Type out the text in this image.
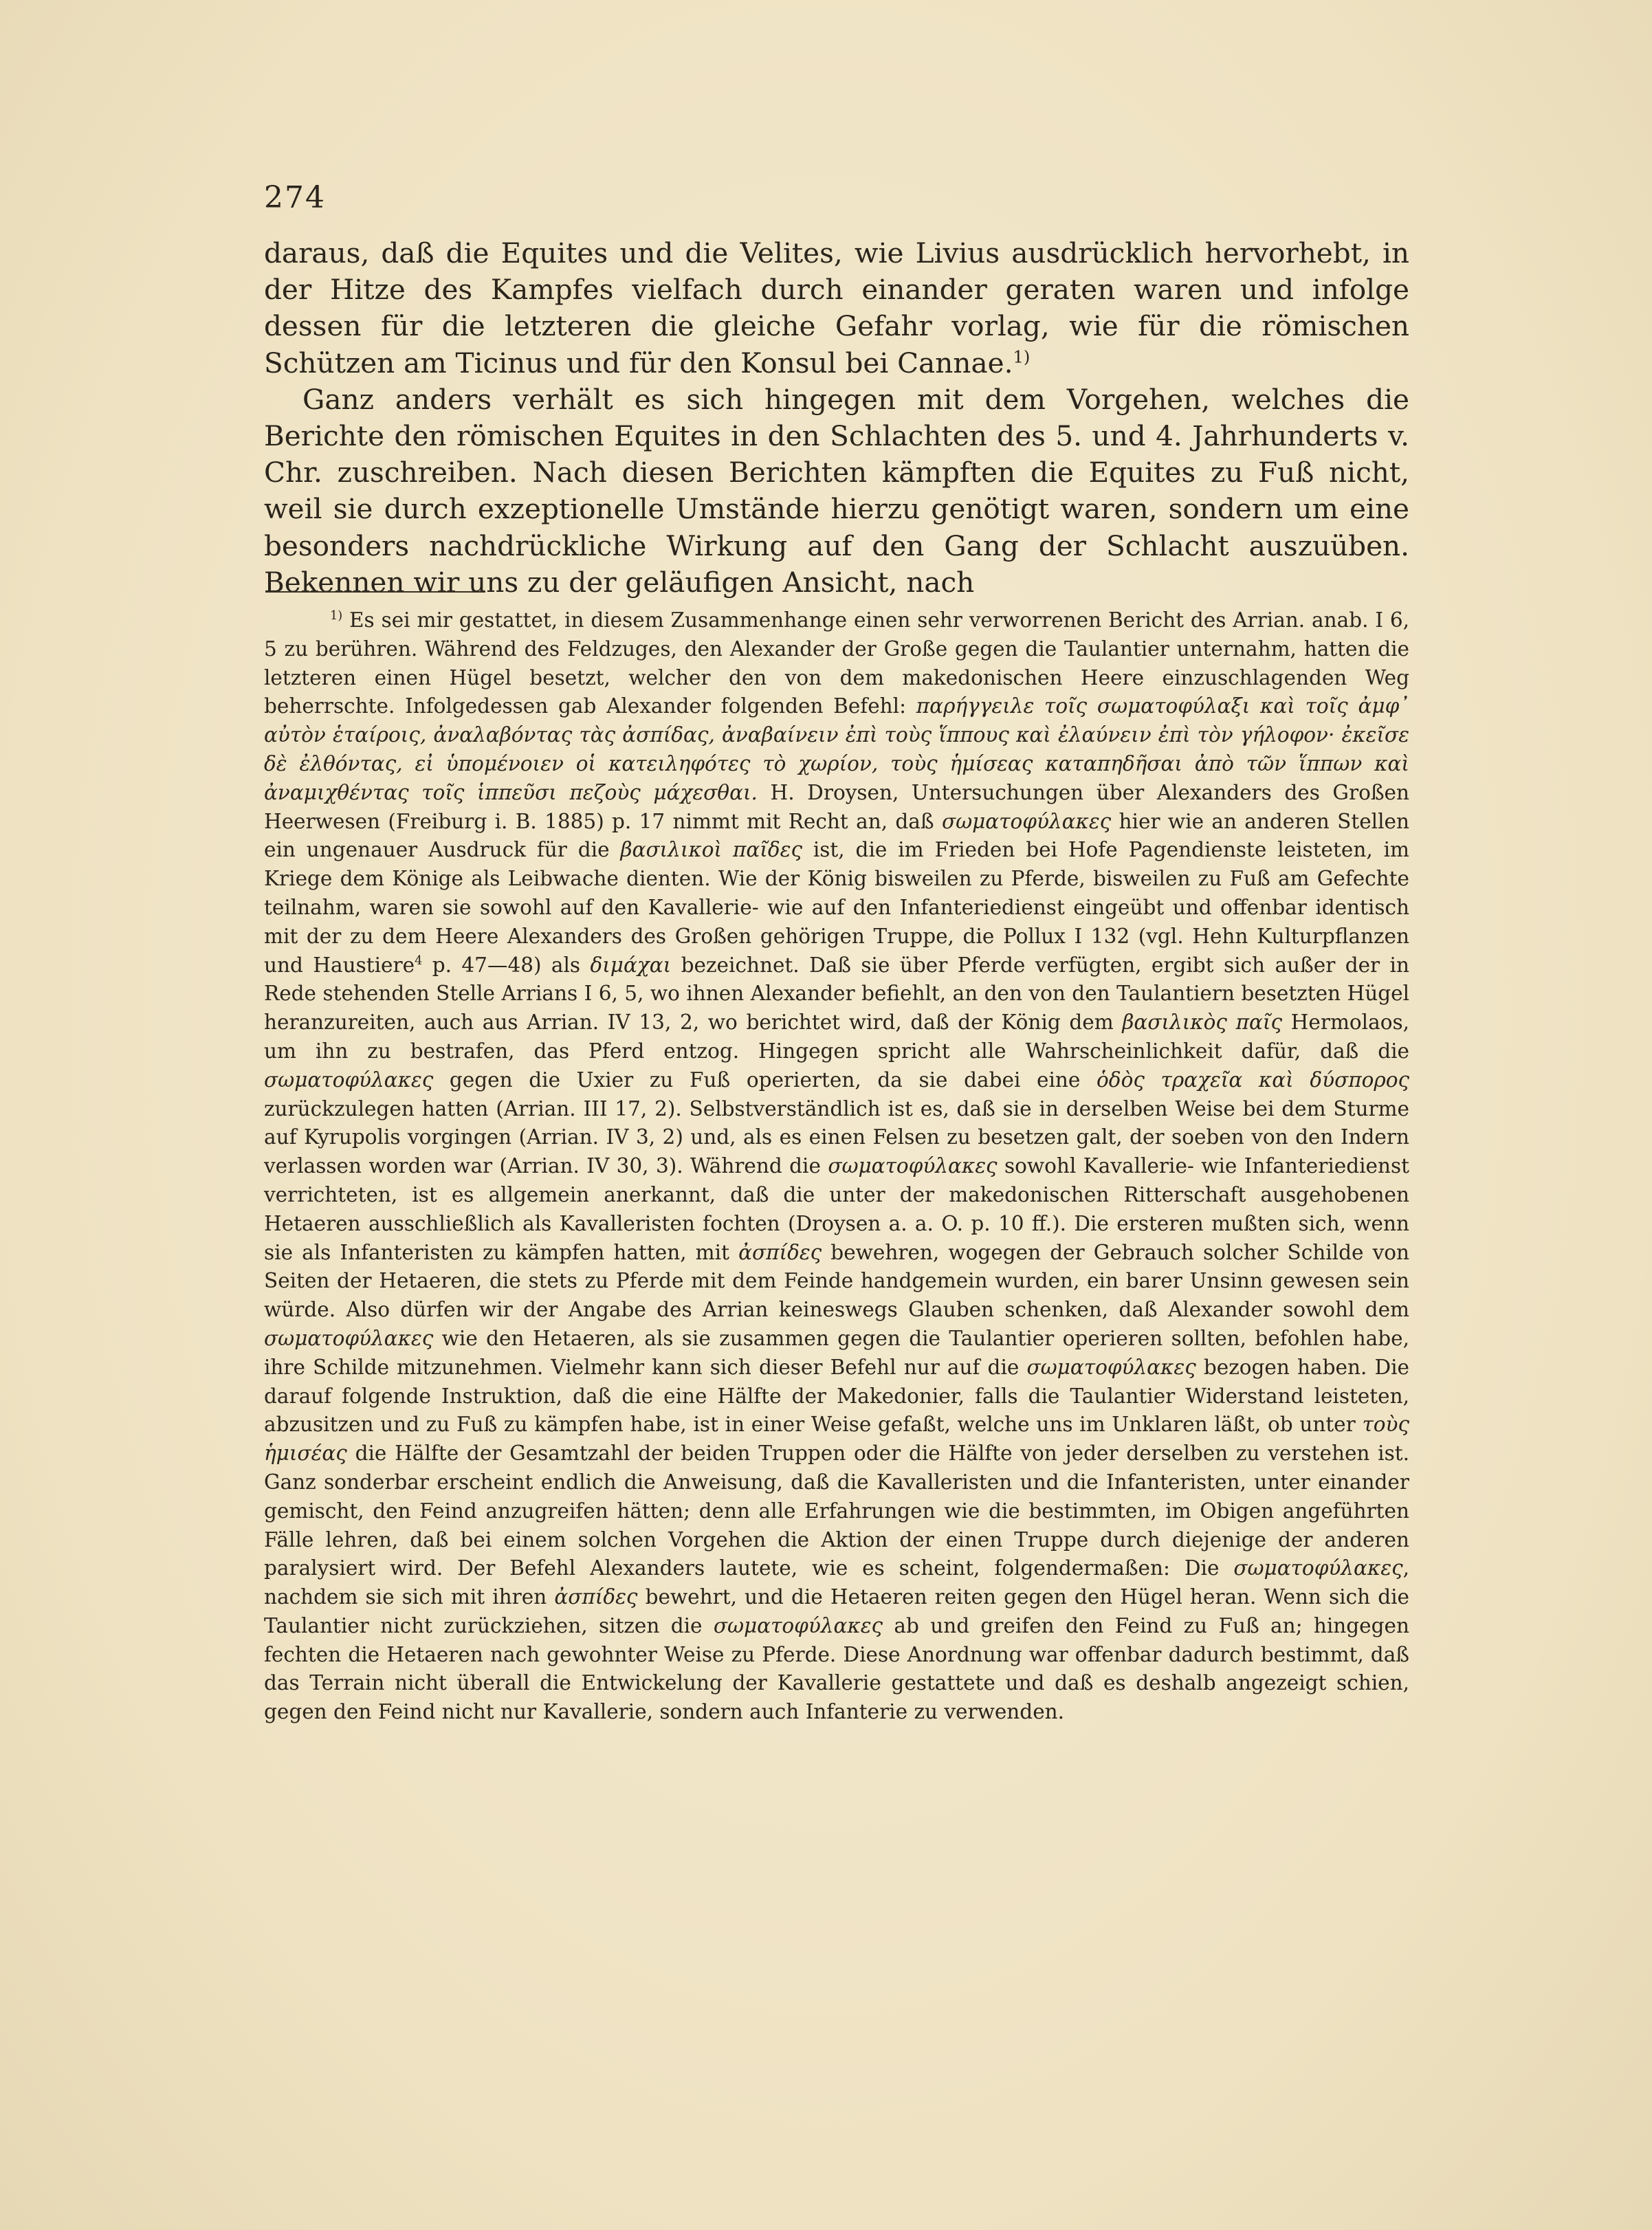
274

daraus, daß die Equites und die Velites, wie Livius ausdrücklich hervorhebt, in der Hitze des Kampfes vielfach durch einander geraten waren und infolge dessen für die letzteren die gleiche Gefahr vorlag, wie für die römischen Schützen am Ticinus und für den Konsul bei Cannae.$^{1)}$

Ganz anders verhält es sich hingegen mit dem Vorgehen, welches die Berichte den römischen Equites in den Schlachten des 5. und 4. Jahrhunderts v. Chr. zuschreiben. Nach diesen Berichten kämpften die Equites zu Fuß nicht, weil sie durch exzeptionelle Umstände hierzu genötigt waren, sondern um eine besonders nachdrückliche Wirkung auf den Gang der Schlacht auszuüben. Bekennen wir uns zu der geläufigen Ansicht, nach

$^{1)}$ Es sei mir gestattet, in diesem Zusammenhange einen sehr verworrenen Bericht des Arrian. anab. I 6, 5 zu berühren. Während des Feldzuges, den Alexander der Große gegen die Taulantier unternahm, hatten die letzteren einen Hügel besetzt, welcher den von dem makedonischen Heere einzuschlagenden Weg beherrschte. Infolgedessen gab Alexander folgenden Befehl: παρήγγειλε τοῖς σωματοφύλαξι καὶ τοῖς ἀμφ᾽ αὐτὸν ἑταίροις, ἀναλαβόντας τὰς ἀσπίδας, ἀναβαίνειν ἐπὶ τοὺς ἵππους καὶ ἐλαύνειν ἐπὶ τὸν γήλοφον· ἐκεῖσε δὲ ἐλθόντας, εἰ ὑπομένοιεν οἱ κατειληφότες τὸ χωρίον, τοὺς ἡμίσεας καταπηδῆσαι ἀπὸ τῶν ἵππων καὶ ἀναμιχθέντας τοῖς ἱππεῦσι πεζοὺς μάχεσθαι. H. Droysen, Untersuchungen über Alexanders des Großen Heerwesen (Freiburg i. B. 1885) p. 17 nimmt mit Recht an, daß σωματοφύλακες hier wie an anderen Stellen ein ungenauer Ausdruck für die βασιλικοὶ παῖδες ist, die im Frieden bei Hofe Pagendienste leisteten, im Kriege dem Könige als Leibwache dienten. Wie der König bisweilen zu Pferde, bisweilen zu Fuß am Gefechte teilnahm, waren sie sowohl auf den Kavallerie- wie auf den Infanteriedienst eingeübt und offenbar identisch mit der zu dem Heere Alexanders des Großen gehörigen Truppe, die Pollux I 132 (vgl. Hehn Kulturpflanzen und Haustiere$^4$ p. 47—48) als διμάχαι bezeichnet. Daß sie über Pferde verfügten, ergibt sich außer der in Rede stehenden Stelle Arrians I 6, 5, wo ihnen Alexander befiehlt, an den von den Taulantiern besetzten Hügel heranzureiten, auch aus Arrian. IV 13, 2, wo berichtet wird, daß der König dem βασιλικὸς παῖς Hermolaos, um ihn zu bestrafen, das Pferd entzog. Hingegen spricht alle Wahrscheinlichkeit dafür, daß die σωματοφύλακες gegen die Uxier zu Fuß operierten, da sie dabei eine ὁδὸς τραχεῖα καὶ δύσπορος zurückzulegen hatten (Arrian. III 17, 2). Selbstverständlich ist es, daß sie in derselben Weise bei dem Sturme auf Kyrupolis vorgingen (Arrian. IV 3, 2) und, als es einen Felsen zu besetzen galt, der soeben von den Indern verlassen worden war (Arrian. IV 30, 3). Während die σωματοφύλακες sowohl Kavallerie- wie Infanteriedienst verrichteten, ist es allgemein anerkannt, daß die unter der makedonischen Ritterschaft ausgehobenen Hetaeren ausschließlich als Kavalleristen fochten (Droysen a. a. O. p. 10 ff.). Die ersteren mußten sich, wenn sie als Infanteristen zu kämpfen hatten, mit ἀσπίδες bewehren, wogegen der Gebrauch solcher Schilde von Seiten der Hetaeren, die stets zu Pferde mit dem Feinde handgemein wurden, ein barer Unsinn gewesen sein würde. Also dürfen wir der Angabe des Arrian keineswegs Glauben schenken, daß Alexander sowohl dem σωματοφύλακες wie den Hetaeren, als sie zusammen gegen die Taulantier operieren sollten, befohlen habe, ihre Schilde mitzunehmen. Vielmehr kann sich dieser Befehl nur auf die σωματοφύλακες bezogen haben. Die darauf folgende Instruktion, daß die eine Hälfte der Makedonier, falls die Taulantier Widerstand leisteten, abzusitzen und zu Fuß zu kämpfen habe, ist in einer Weise gefaßt, welche uns im Unklaren läßt, ob unter τοὺς ἡμισέας die Hälfte der Gesamtzahl der beiden Truppen oder die Hälfte von jeder derselben zu verstehen ist. Ganz sonderbar erscheint endlich die Anweisung, daß die Kavalleristen und die Infanteristen, unter einander gemischt, den Feind anzugreifen hätten; denn alle Erfahrungen wie die bestimmten, im Obigen angeführten Fälle lehren, daß bei einem solchen Vorgehen die Aktion der einen Truppe durch diejenige der anderen paralysiert wird. Der Befehl Alexanders lautete, wie es scheint, folgendermaßen: Die σωματοφύλακες, nachdem sie sich mit ihren ἀσπίδες bewehrt, und die Hetaeren reiten gegen den Hügel heran. Wenn sich die Taulantier nicht zurückziehen, sitzen die σωματοφύλακες ab und greifen den Feind zu Fuß an; hingegen fechten die Hetaeren nach gewohnter Weise zu Pferde. Diese Anordnung war offenbar dadurch bestimmt, daß das Terrain nicht überall die Entwickelung der Kavallerie gestattete und daß es deshalb angezeigt schien, gegen den Feind nicht nur Kavallerie, sondern auch Infanterie zu verwenden.
